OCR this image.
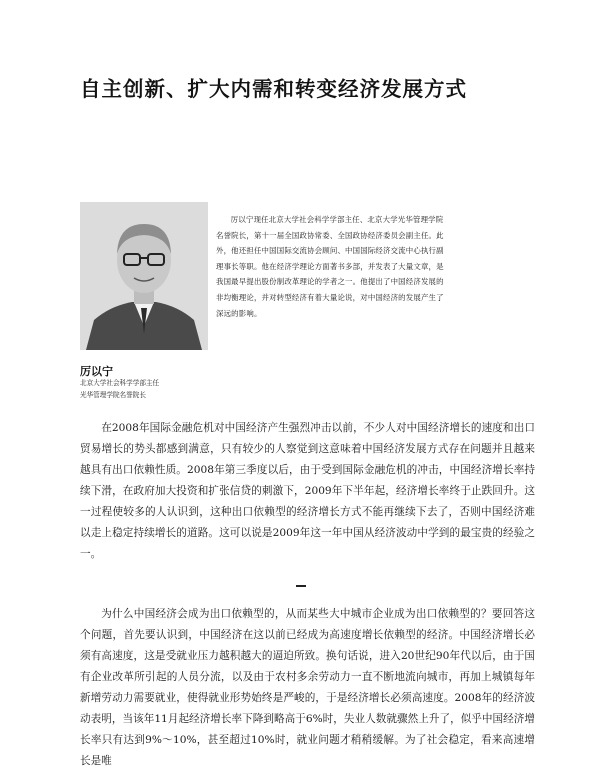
自主创新、扩大内需和转变经济发展方式
厉以宁现任北京大学社会科学学部主任、北京大学光华管理学院名誉院长，第十一届全国政协常委、全国政协经济委员会副主任。此外，他还担任中国国际交流协会顾问、中国国际经济交流中心执行副理事长等职。他在经济学理论方面著书多部，并发表了大量文章，是我国最早提出股份制改革理论的学者之一。他提出了中国经济发展的非均衡理论，并对转型经济有着大量论说，对中国经济的发展产生了深远的影响。
厉以宁
北京大学社会科学学部主任
光华管理学院名誉院长
在2008年国际金融危机对中国经济产生强烈冲击以前，不少人对中国经济增长的速度和出口贸易增长的势头都感到满意，只有较少的人察觉到这意味着中国经济发展方式存在问题并且越来越具有出口依赖性质。2008年第三季度以后，由于受到国际金融危机的冲击，中国经济增长率持续下滑，在政府加大投资和扩张信贷的刺激下，2009年下半年起，经济增长率终于止跌回升。这一过程使较多的人认识到，这种出口依赖型的经济增长方式不能再继续下去了，否则中国经济难以走上稳定持续增长的道路。这可以说是2009年这一年中国从经济波动中学到的最宝贵的经验之一。
为什么中国经济会成为出口依赖型的，从而某些大中城市企业成为出口依赖型的？要回答这个问题，首先要认识到，中国经济在这以前已经成为高速度增长依赖型的经济。中国经济增长必须有高速度，这是受就业压力越积越大的逼迫所致。换句话说，进入20世纪90年代以后，由于国有企业改革所引起的人员分流，以及由于农村多余劳动力一直不断地流向城市，再加上城镇每年新增劳动力需要就业，使得就业形势始终是严峻的，于是经济增长必须高速度。2008年的经济波动表明，当该年11月起经济增长率下降到略高于6%时，失业人数就骤然上升了，似乎中国经济增长率只有达到9%～10%，甚至超过10%时，就业问题才稍稍缓解。为了社会稳定，看来高速增长是唯
